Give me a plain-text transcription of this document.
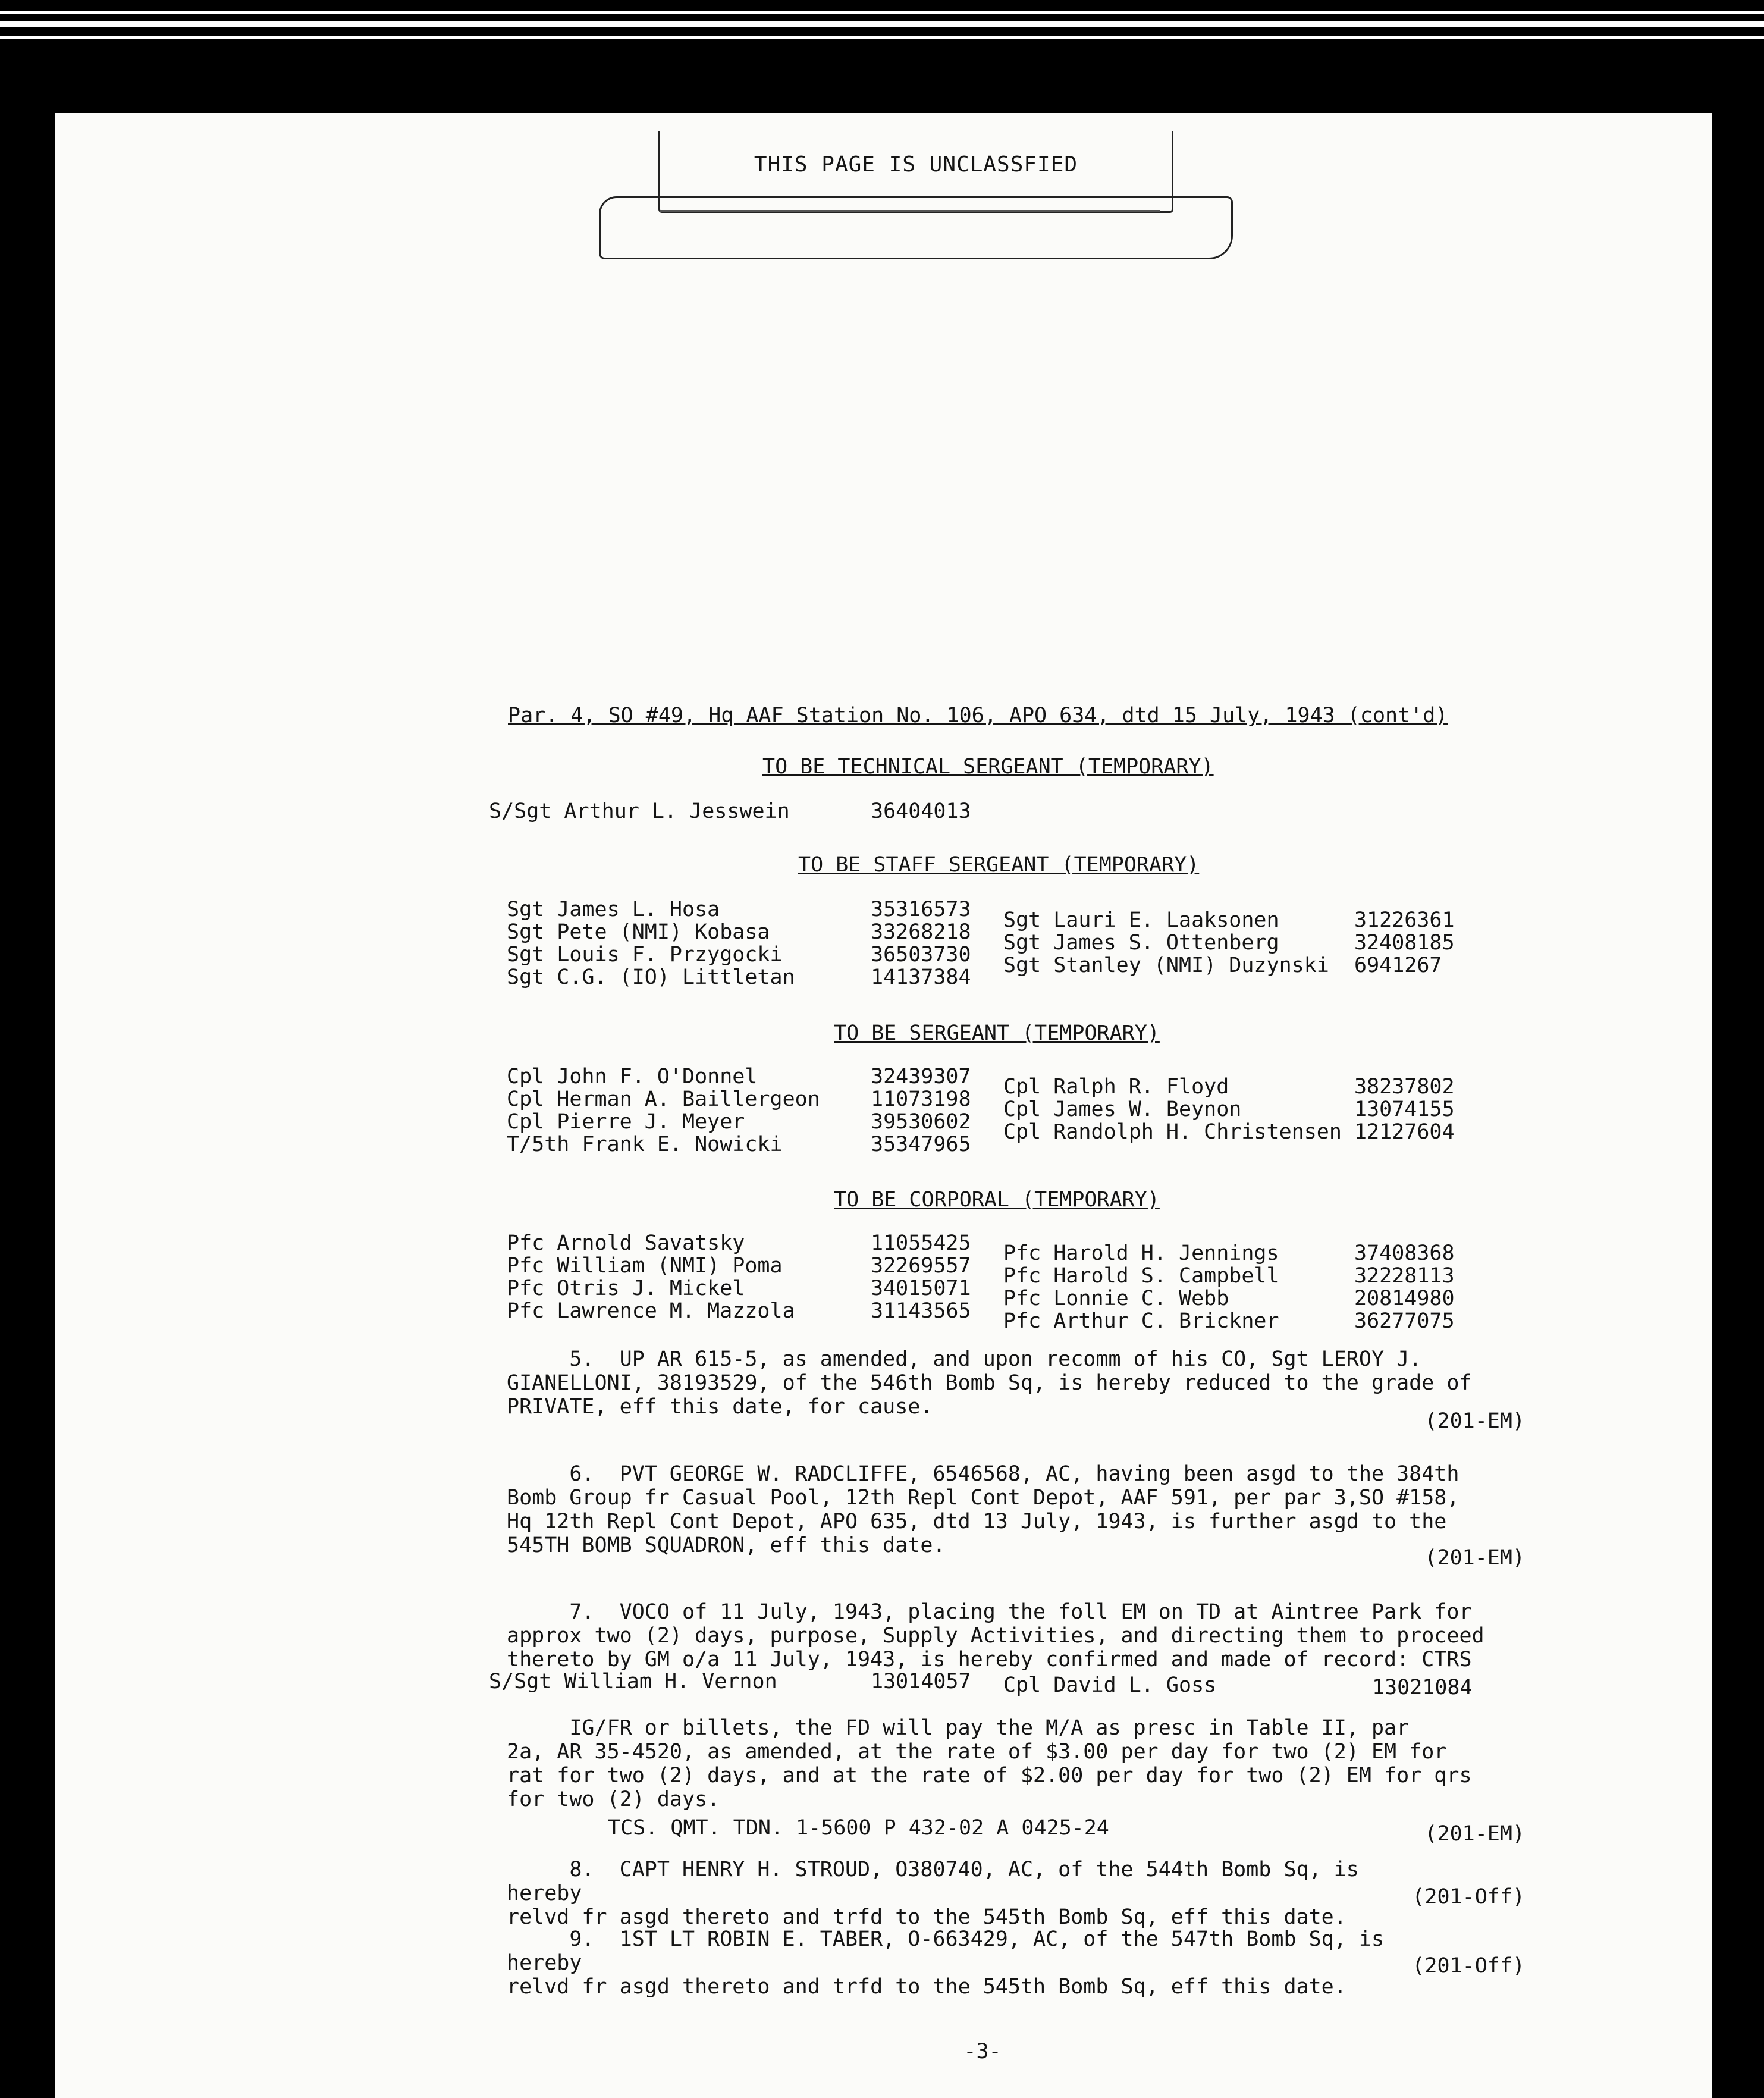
THIS PAGE IS UNCLASSFIED
Par. 4, SO #49, Hq AAF Station No. 106, APO 634, dtd 15 July, 1943 (cont'd)
TO BE TECHNICAL SERGEANT (TEMPORARY)
S/Sgt Arthur L. Jesswein	36404013
TO BE STAFF SERGEANT (TEMPORARY)
Sgt James L. Hosa	35316573
Sgt Pete (NMI) Kobasa	33268218
Sgt Louis F. Przygocki	36503730
Sgt C.G. (IO) Littletan	14137384
Sgt Lauri E. Laaksonen	31226361
Sgt James S. Ottenberg	32408185
Sgt Stanley (NMI) Duzynski 6941267
TO BE SERGEANT (TEMPORARY)
Cpl John F. O'Donnel	32439307
Cpl Herman A. Baillergeon 11073198
Cpl Pierre J. Meyer	39530602
T/5th Frank E. Nowicki	35347965
Cpl Ralph R. Floyd	38237802
Cpl James W. Beynon	13074155
Cpl Randolph H. Christensen 12127604
TO BE CORPORAL (TEMPORARY)
Pfc Arnold Savatsky	11055425
Pfc William (NMI) Poma	32269557
Pfc Otris J. Mickel	34015071
Pfc Lawrence M. Mazzola	31143565
Pfc Harold H. Jennings	37408368
Pfc Harold S. Campbell	32228113
Pfc Lonnie C. Webb	20814980
Pfc Arthur C. Brickner	36277075
5.  UP AR 615-5, as amended, and upon recomm of his CO, Sgt LEROY J.
GIANELLONI, 38193529, of the 546th Bomb Sq, is hereby reduced to the grade of
PRIVATE, eff this date, for cause.
(201-EM)
6.  PVT GEORGE W. RADCLIFFE, 6546568, AC, having been asgd to the 384th
Bomb Group fr Casual Pool, 12th Repl Cont Depot, AAF 591, per par 3,SO #158,
Hq 12th Repl Cont Depot, APO 635, dtd 13 July, 1943, is further asgd to the
545TH BOMB SQUADRON, eff this date.
(201-EM)
7.  VOCO of 11 July, 1943, placing the foll EM on TD at Aintree Park for
approx two (2) days, purpose, Supply Activities, and directing them to proceed
thereto by GM o/a 11 July, 1943, is hereby confirmed and made of record: CTRS
S/Sgt William H. Vernon	13014057 Cpl David L. Goss	13021084
IG/FR or billets, the FD will pay the M/A as presc in Table II, par
2a, AR 35-4520, as amended, at the rate of $3.00 per day for two (2) EM for
rat for two (2) days, and at the rate of $2.00 per day for two (2) EM for qrs
for two (2) days.
TCS. QMT. TDN. 1-5600 P 432-02 A 0425-24	(201-EM)
8.  CAPT HENRY H. STROUD, O380740, AC, of the 544th Bomb Sq, is hereby
relvd fr asgd thereto and trfd to the 545th Bomb Sq, eff this date.
(201-Off)
9.  1ST LT ROBIN E. TABER, O-663429, AC, of the 547th Bomb Sq, is hereby
relvd fr asgd thereto and trfd to the 545th Bomb Sq, eff this date.
(201-Off)
-3-
